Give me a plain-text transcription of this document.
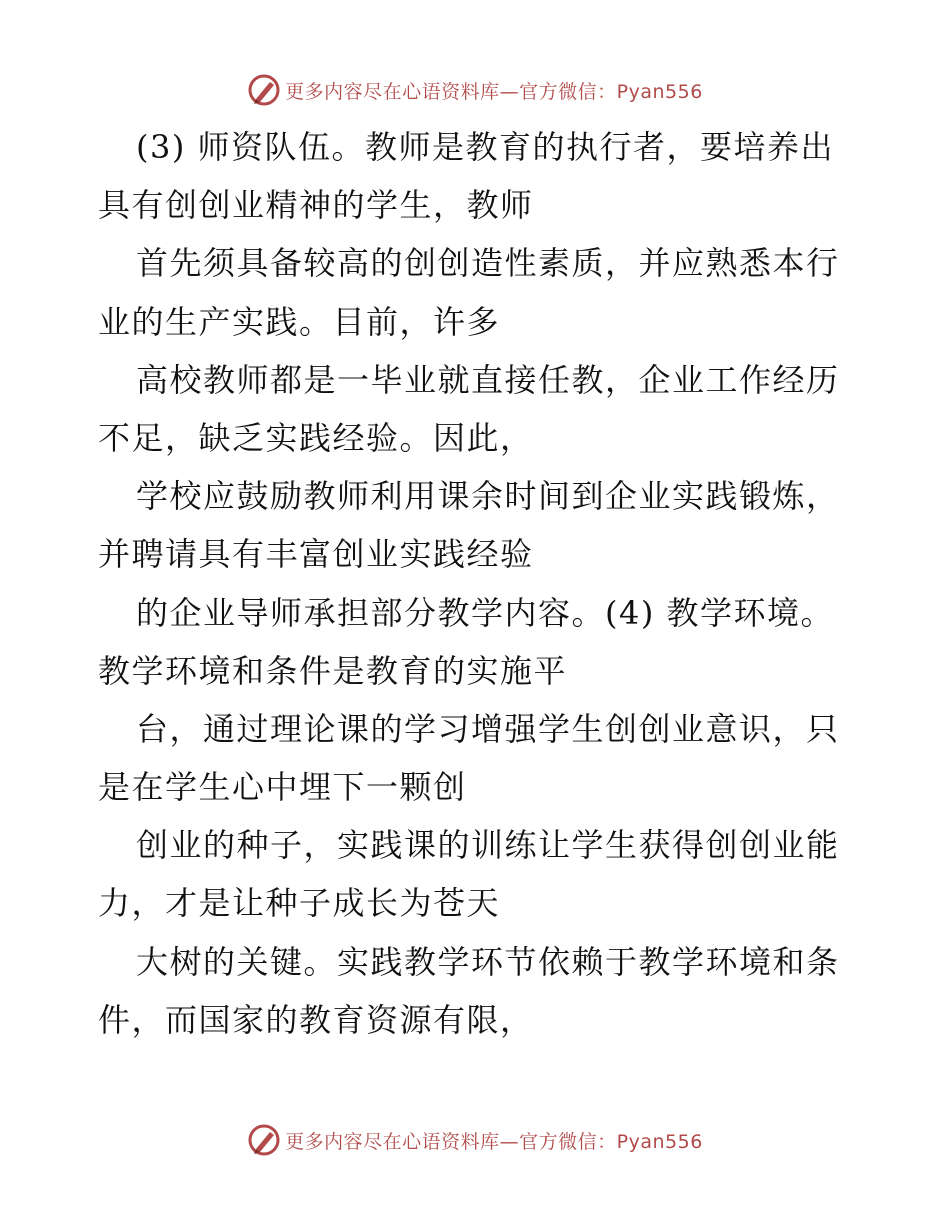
更多内容尽在心语资料库—官方微信：Pyan556
(3) 师资队伍。教师是教育的执行者，要培养出
具有创创业精神的学生，教师
首先须具备较高的创创造性素质，并应熟悉本行
业的生产实践。目前，许多
高校教师都是一毕业就直接任教，企业工作经历
不足，缺乏实践经验。因此，
学校应鼓励教师利用课余时间到企业实践锻炼，
并聘请具有丰富创业实践经验
的企业导师承担部分教学内容。(4) 教学环境。
教学环境和条件是教育的实施平
台，通过理论课的学习增强学生创创业意识，只
是在学生心中埋下一颗创
创业的种子，实践课的训练让学生获得创创业能
力，才是让种子成长为苍天
大树的关键。实践教学环节依赖于教学环境和条
件，而国家的教育资源有限，
更多内容尽在心语资料库—官方微信：Pyan556
